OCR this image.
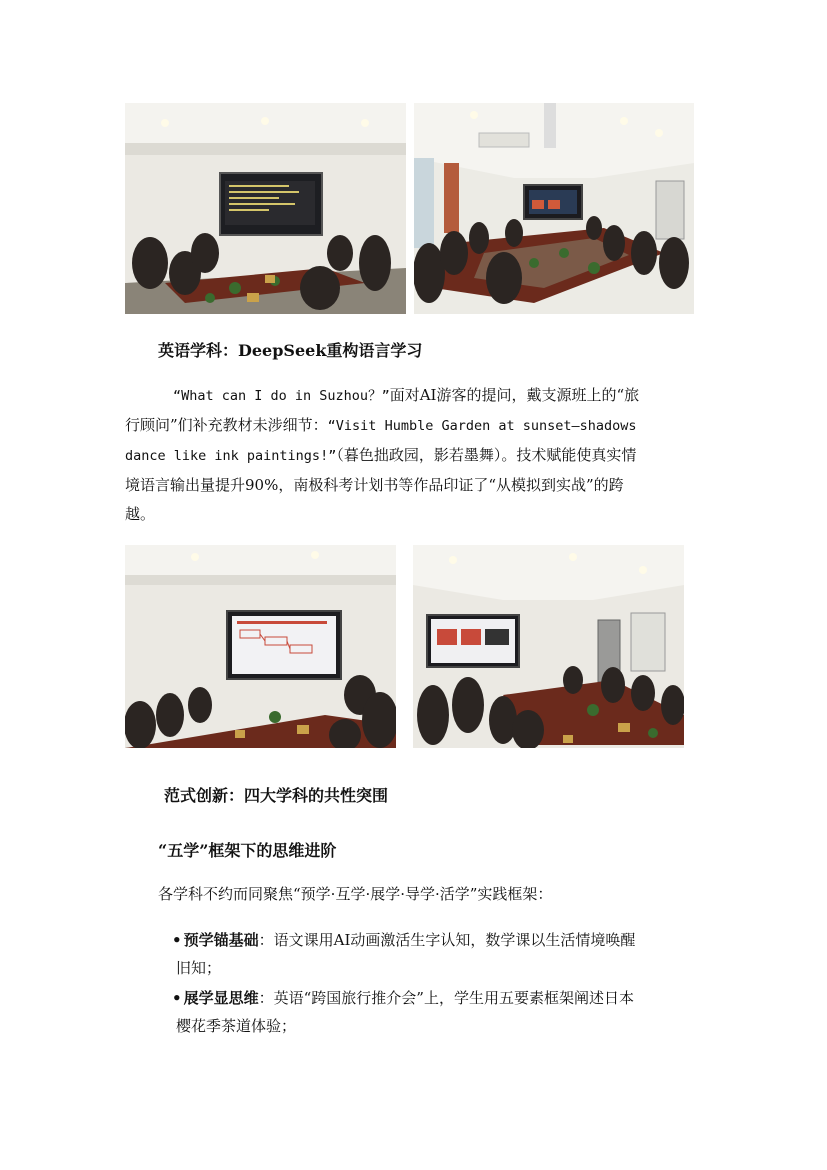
英语学科：DeepSeek重构语言学习
“What can I do in Suzhou？”面对AI游客的提问，戴支源班上的“旅
行顾问”们补充教材未涉细节：“Visit Humble Garden at sunset—shadows
dance like ink paintings!”（暮色拙政园，影若墨舞）。技术赋能使真实情
境语言输出量提升90%，南极科考计划书等作品印证了“从模拟到实战”的跨
越。
范式创新：四大学科的共性突围
“五学”框架下的思维进阶
各学科不约而同聚焦“预学·互学·展学·导学·活学”实践框架：
• 预学锚基础：语文课用AI动画激活生字认知，数学课以生活情境唤醒
旧知；
• 展学显思维：英语“跨国旅行推介会”上，学生用五要素框架阐述日本
樱花季茶道体验；
